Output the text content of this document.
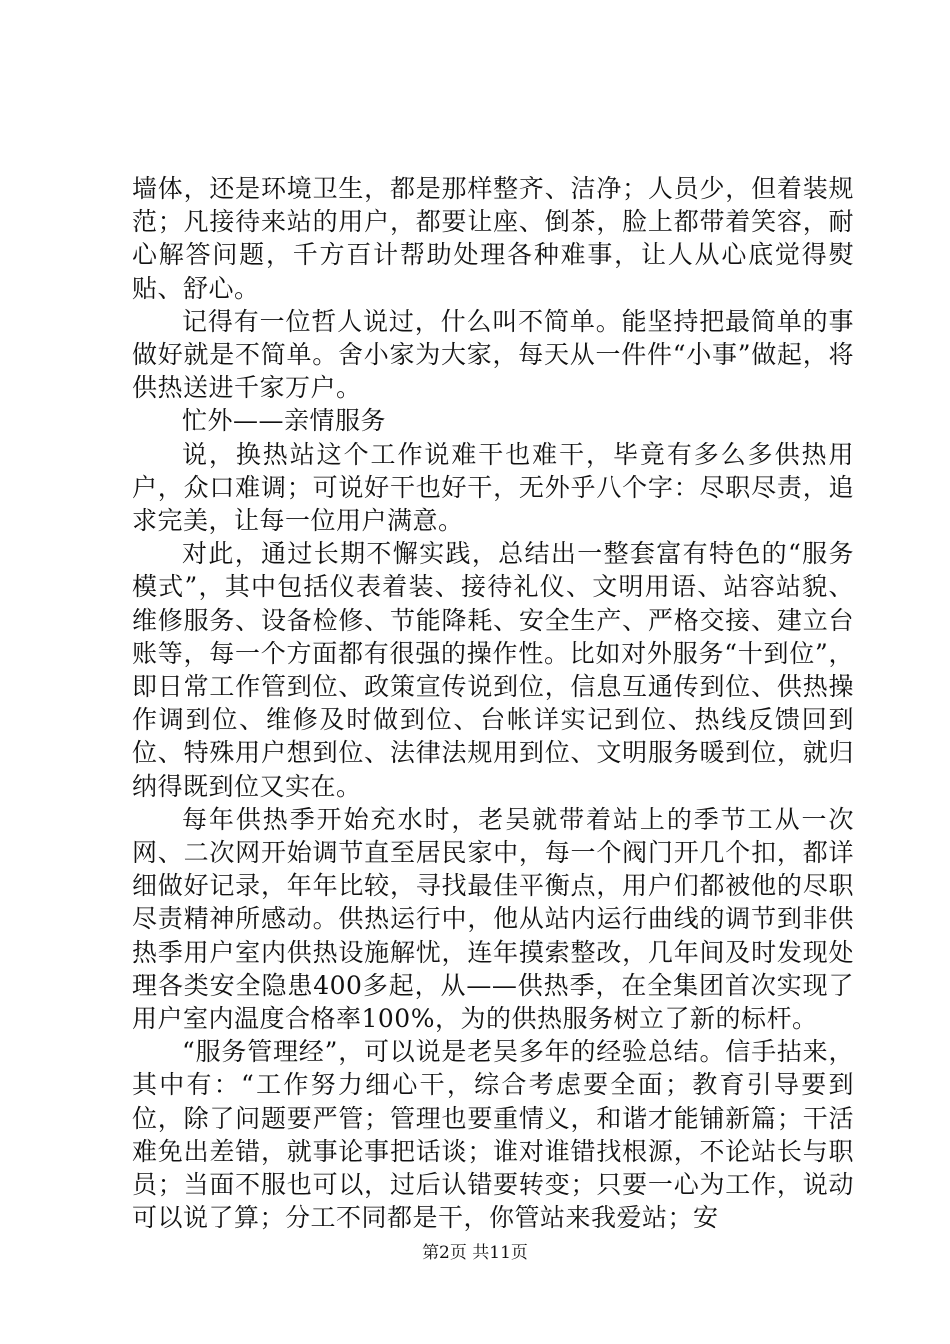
墙体，还是环境卫生，都是那样整齐、洁净；人员少，但着装规范；凡接待来站的用户，都要让座、倒茶，脸上都带着笑容，耐心解答问题，千方百计帮助处理各种难事，让人从心底觉得熨贴、舒心。

记得有一位哲人说过，什么叫不简单。能坚持把最简单的事做好就是不简单。舍小家为大家，每天从一件件“小事”做起，将供热送进千家万户。

忙外——亲情服务

说，换热站这个工作说难干也难干，毕竟有多么多供热用户，众口难调；可说好干也好干，无外乎八个字：尽职尽责，追求完美，让每一位用户满意。

对此，通过长期不懈实践，总结出一整套富有特色的“服务模式”，其中包括仪表着装、接待礼仪、文明用语、站容站貌、维修服务、设备检修、节能降耗、安全生产、严格交接、建立台账等，每一个方面都有很强的操作性。比如对外服务“十到位”，即日常工作管到位、政策宣传说到位，信息互通传到位、供热操作调到位、维修及时做到位、台帐详实记到位、热线反馈回到位、特殊用户想到位、法律法规用到位、文明服务暖到位，就归纳得既到位又实在。

每年供热季开始充水时，老吴就带着站上的季节工从一次网、二次网开始调节直至居民家中，每一个阀门开几个扣，都详细做好记录，年年比较，寻找最佳平衡点，用户们都被他的尽职尽责精神所感动。供热运行中，他从站内运行曲线的调节到非供热季用户室内供热设施解忧，连年摸索整改，几年间及时发现处理各类安全隐患400多起，从——供热季，在全集团首次实现了用户室内温度合格率100%，为的供热服务树立了新的标杆。

“服务管理经”，可以说是老吴多年的经验总结。信手拈来，其中有：“工作努力细心干，综合考虑要全面；教育引导要到位，除了问题要严管；管理也要重情义，和谐才能铺新篇；干活难免出差错，就事论事把话谈；谁对谁错找根源，不论站长与职员；当面不服也可以，过后认错要转变；只要一心为工作，说动可以说了算；分工不同都是干，你管站来我爱站；安

第2页 共11页
